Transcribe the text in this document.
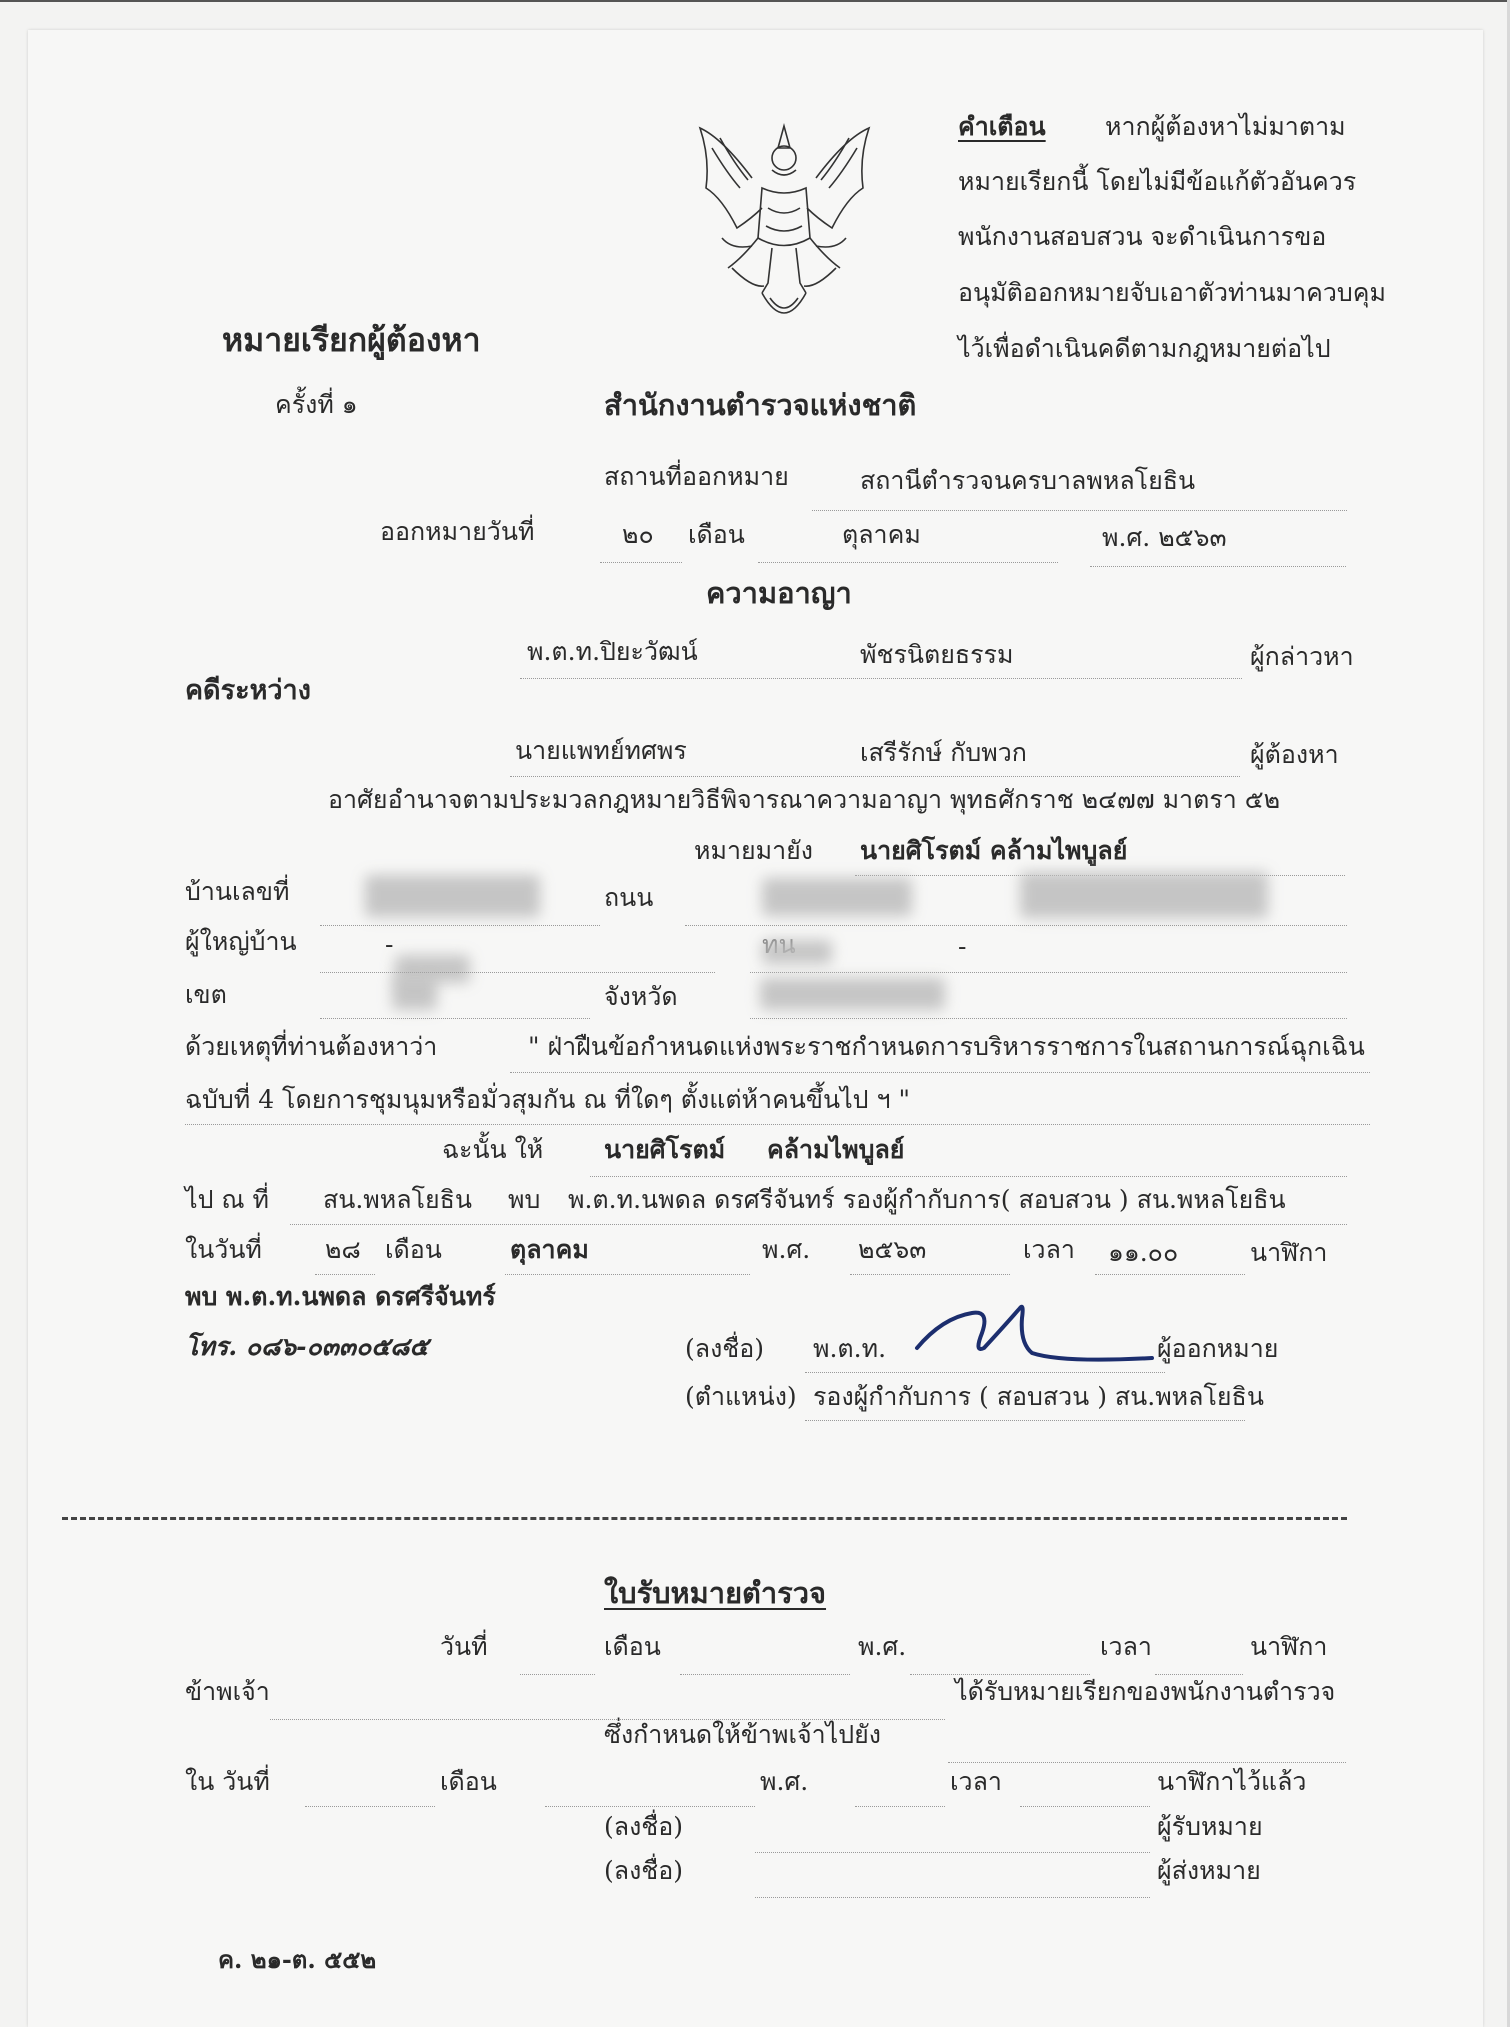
คำเตือน หากผู้ต้องหาไม่มาตาม
หมายเรียกนี้ โดยไม่มีข้อแก้ตัวอันควร
พนักงานสอบสวน จะดำเนินการขอ
อนุมัติออกหมายจับเอาตัวท่านมาควบคุม
ไว้เพื่อดำเนินคดีตามกฎหมายต่อไป
หมายเรียกผู้ต้องหา
ครั้งที่ ๑	สำนักงานตำรวจแห่งชาติ
สถานที่ออกหมาย	สถานีตำรวจนครบาลพหลโยธิน
ออกหมายวันที่	๒๐ เดือน	ตุลาคม	พ.ศ. ๒๕๖๓
ความอาญา
พ.ต.ท.ปิยะวัฒน์	พัชรนิตยธรรม	ผู้กล่าวหา
คดีระหว่าง
นายแพทย์ทศพร	เสรีรักษ์ กับพวก	ผู้ต้องหา
อาศัยอำนาจตามประมวลกฎหมายวิธีพิจารณาความอาญา พุทธศักราช ๒๔๗๗ มาตรา ๕๒
หมายมายัง นายศิโรตม์ คล้ามไพบูลย์
บ้านเลขที่	ถนน
ผู้ใหญ่บ้าน	-	-
เขต	จังหวัด
ด้วยเหตุที่ท่านต้องหาว่า	" ฝ่าฝืนข้อกำหนดแห่งพระราชกำหนดการบริหารราชการในสถานการณ์ฉุกเฉิน
ฉบับที่ 4 โดยการชุมนุมหรือมั่วสุมกัน ณ ที่ใดๆ ตั้งแต่ห้าคนขึ้นไป ฯ "
ฉะนั้น ให้ นายศิโรตม์ คล้ามไพบูลย์
ไป ณ ที่ สน.พหลโยธิน พบ พ.ต.ท.นพดล ดรศรีจันทร์ รองผู้กำกับการ( สอบสวน ) สน.พหลโยธิน
ในวันที่	๒๘ เดือน	ตุลาคม	พ.ศ. ๒๕๖๓	เวลา ๑๑.๐๐	นาฬิกา
พบ พ.ต.ท.นพดล ดรศรีจันทร์
โทร. ๐๘๖-๐๓๓๐๕๘๕	(ลงชื่อ) พ.ต.ท.	ผู้ออกหมาย
(ตำแหน่ง) รองผู้กำกับการ ( สอบสวน ) สน.พหลโยธิน
ใบรับหมายตำรวจ
วันที่	เดือน	พ.ศ.	เวลา	นาฬิกา
ข้าพเจ้า	ได้รับหมายเรียกของพนักงานตำรวจ
ซึ่งกำหนดให้ข้าพเจ้าไปยัง
ใน วันที่	เดือน	พ.ศ.	เวลา	นาฬิกาไว้แล้ว
(ลงชื่อ)	ผู้รับหมาย
(ลงชื่อ)	ผู้ส่งหมาย
ค. ๒๑-ต. ๕๕๒
